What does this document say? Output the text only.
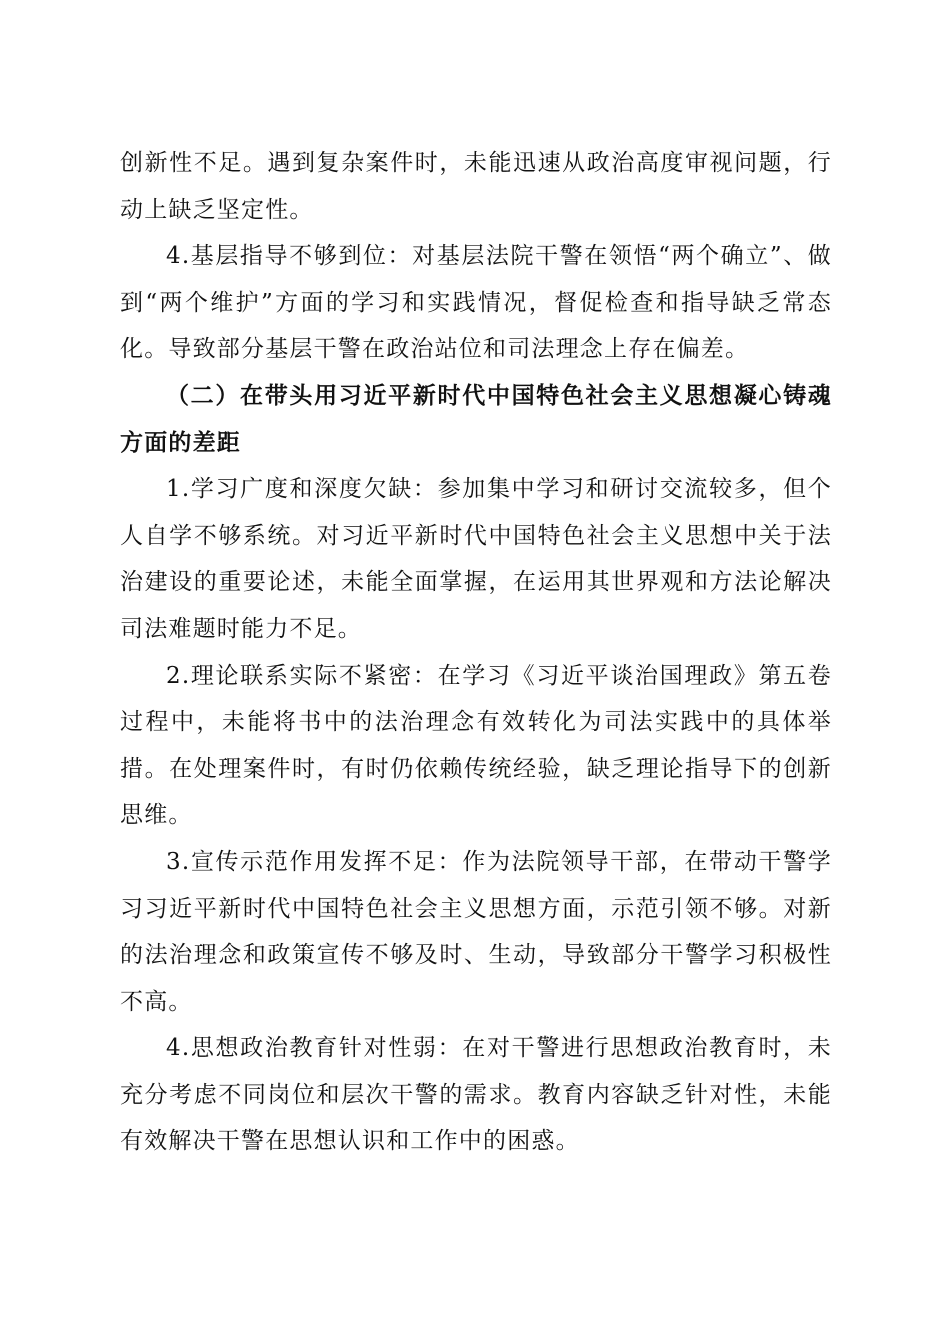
创新性不足。遇到复杂案件时，未能迅速从政治高度审视问题，行动上缺乏坚定性。

4.基层指导不够到位：对基层法院干警在领悟“两个确立”、做到“两个维护”方面的学习和实践情况，督促检查和指导缺乏常态化。导致部分基层干警在政治站位和司法理念上存在偏差。

（二）在带头用习近平新时代中国特色社会主义思想凝心铸魂方面的差距

1.学习广度和深度欠缺：参加集中学习和研讨交流较多，但个人自学不够系统。对习近平新时代中国特色社会主义思想中关于法治建设的重要论述，未能全面掌握，在运用其世界观和方法论解决司法难题时能力不足。

2.理论联系实际不紧密：在学习《习近平谈治国理政》第五卷过程中，未能将书中的法治理念有效转化为司法实践中的具体举措。在处理案件时，有时仍依赖传统经验，缺乏理论指导下的创新思维。

3.宣传示范作用发挥不足：作为法院领导干部，在带动干警学习习近平新时代中国特色社会主义思想方面，示范引领不够。对新的法治理念和政策宣传不够及时、生动，导致部分干警学习积极性不高。

4.思想政治教育针对性弱：在对干警进行思想政治教育时，未充分考虑不同岗位和层次干警的需求。教育内容缺乏针对性，未能有效解决干警在思想认识和工作中的困惑。
